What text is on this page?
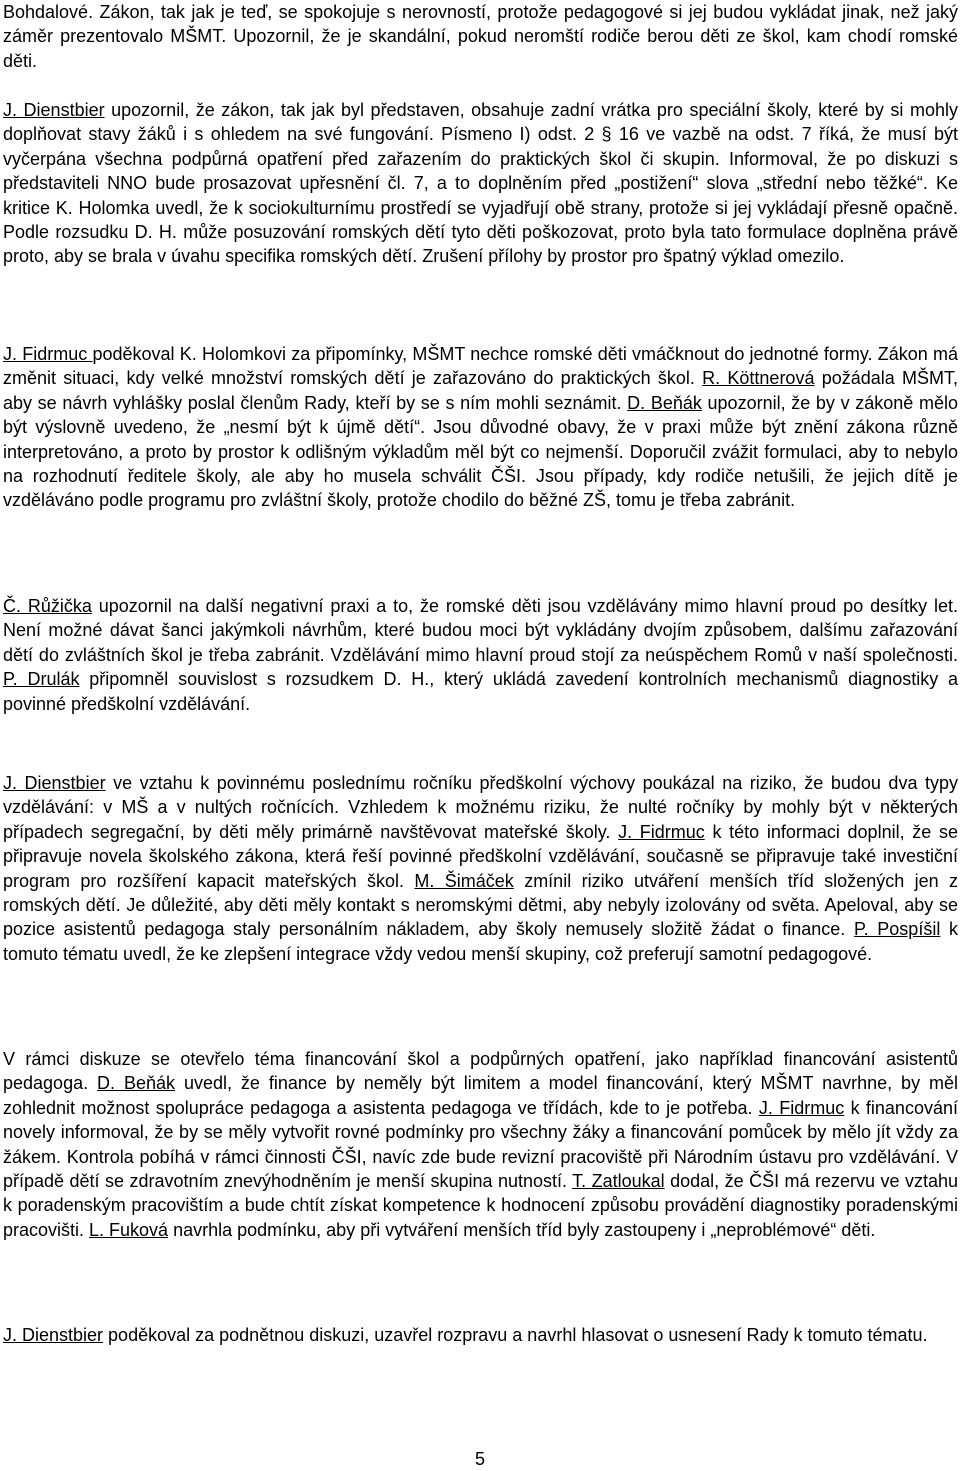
Bohdalové. Zákon, tak jak je teď, se spokojuje s nerovností, protože pedagogové si jej budou vykládat jinak, než jaký záměr prezentovalo MŠMT. Upozornil, že je skandální, pokud neromští rodiče berou děti ze škol, kam chodí romské děti.

J. Dienstbier upozornil, že zákon, tak jak byl představen, obsahuje zadní vrátka pro speciální školy, které by si mohly doplňovat stavy žáků i s ohledem na své fungování. Písmeno I) odst. 2 § 16 ve vazbě na odst. 7 říká, že musí být vyčerpána všechna podpůrná opatření před zařazením do praktických škol či skupin. Informoval, že po diskuzi s představiteli NNO bude prosazovat upřesnění čl. 7, a to doplněním před „postižení“ slova „střední nebo těžké“. Ke kritice K. Holomka uvedl, že k sociokulturnímu prostředí se vyjadřují obě strany, protože si jej vykládají přesně opačně. Podle rozsudku D. H. může posuzování romských dětí tyto děti poškozovat, proto byla tato formulace doplněna právě proto, aby se brala v úvahu specifika romských dětí. Zrušení přílohy by prostor pro špatný výklad omezilo.

J. Fidrmuc poděkoval K. Holomkovi za připomínky, MŠMT nechce romské děti vmáčknout do jednotné formy. Zákon má změnit situaci, kdy velké množství romských dětí je zařazováno do praktických škol. R. Köttnerová požádala MŠMT, aby se návrh vyhlášky poslal členům Rady, kteří by se s ním mohli seznámit. D. Beňák upozornil, že by v zákoně mělo být výslovně uvedeno, že „nesmí být k újmě dětí“. Jsou důvodné obavy, že v praxi může být znění zákona různě interpretováno, a proto by prostor k odlišným výkladům měl být co nejmenší. Doporučil zvážit formulaci, aby to nebylo na rozhodnutí ředitele školy, ale aby ho musela schválit ČŠI. Jsou případy, kdy rodiče netušili, že jejich dítě je vzděláváno podle programu pro zvláštní školy, protože chodilo do běžné ZŠ, tomu je třeba zabránit.

Č. Růžička upozornil na další negativní praxi a to, že romské děti jsou vzdělávány mimo hlavní proud po desítky let. Není možné dávat šanci jakýmkoli návrhům, které budou moci být vykládány dvojím způsobem, dalšímu zařazování dětí do zvláštních škol je třeba zabránit. Vzdělávání mimo hlavní proud stojí za neúspěchem Romů v naší společnosti. P. Drulák připomněl souvislost s rozsudkem D. H., který ukládá zavedení kontrolních mechanismů diagnostiky a povinné předškolní vzdělávání.

J. Dienstbier ve vztahu k povinnému poslednímu ročníku předškolní výchovy poukázal na riziko, že budou dva typy vzdělávání: v MŠ a v nultých ročnících. Vzhledem k možnému riziku, že nulté ročníky by mohly být v některých případech segregační, by děti měly primárně navštěvovat mateřské školy. J. Fidrmuc k této informaci doplnil, že se připravuje novela školského zákona, která řeší povinné předškolní vzdělávání, současně se připravuje také investiční program pro rozšíření kapacit mateřských škol. M. Šimáček zmínil riziko utváření menších tříd složených jen z romských dětí. Je důležité, aby děti měly kontakt s neromskými dětmi, aby nebyly izolovány od světa. Apeloval, aby se pozice asistentů pedagoga staly personálním nákladem, aby školy nemusely složitě žádat o finance. P. Pospíšil k tomuto tématu uvedl, že ke zlepšení integrace vždy vedou menší skupiny, což preferují samotní pedagogové.

V rámci diskuze se otevřelo téma financování škol a podpůrných opatření, jako například financování asistentů pedagoga. D. Beňák uvedl, že finance by neměly být limitem a model financování, který MŠMT navrhne, by měl zohlednit možnost spolupráce pedagoga a asistenta pedagoga ve třídách, kde to je potřeba. J. Fidrmuc k financování novely informoval, že by se měly vytvořit rovné podmínky pro všechny žáky a financování pomůcek by mělo jít vždy za žákem. Kontrola pobíhá v rámci činnosti ČŠI, navíc zde bude revizní pracoviště při Národním ústavu pro vzdělávání. V případě dětí se zdravotním znevýhodněním je menší skupina nutností. T. Zatloukal dodal, že ČŠI má rezervu ve vztahu k poradenským pracovištím a bude chtít získat kompetence k hodnocení způsobu provádění diagnostiky poradenskými pracovišti. L. Fuková navrhla podmínku, aby při vytváření menších tříd byly zastoupeny i „neproblémové“ děti.

J. Dienstbier poděkoval za podnětnou diskuzi, uzavřel rozpravu a navrhl hlasovat o usnesení Rady k tomuto tématu.

5
